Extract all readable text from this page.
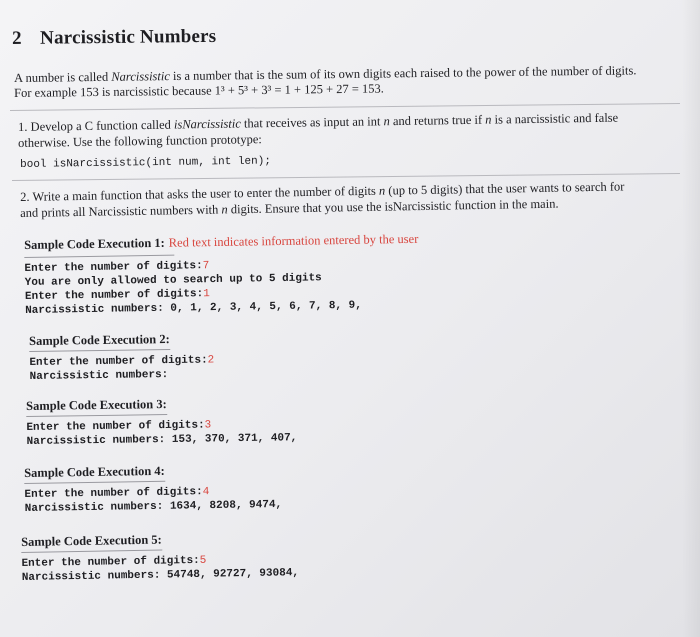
2 Narcissistic Numbers
A number is called Narcissistic is a number that is the sum of its own digits each raised to the power of the number of digits.
For example 153 is narcissistic because 1³ + 5³ + 3³ = 1 + 125 + 27 = 153.
1. Develop a C function called isNarcissistic that receives as input an int n and returns true if n is a narcissistic and false
otherwise. Use the following function prototype:
bool isNarcissistic(int num, int len);
2. Write a main function that asks the user to enter the number of digits n (up to 5 digits) that the user wants to search for
and prints all Narcissistic numbers with n digits. Ensure that you use the isNarcissistic function in the main.
Sample Code Execution 1: Red text indicates information entered by the user
Enter the number of digits:7
You are only allowed to search up to 5 digits
Enter the number of digits:1
Narcissistic numbers: 0, 1, 2, 3, 4, 5, 6, 7, 8, 9,
Sample Code Execution 2:
Enter the number of digits:2
Narcissistic numbers:
Sample Code Execution 3:
Enter the number of digits:3
Narcissistic numbers: 153, 370, 371, 407,
Sample Code Execution 4:
Enter the number of digits:4
Narcissistic numbers: 1634, 8208, 9474,
Sample Code Execution 5:
Enter the number of digits:5
Narcissistic numbers: 54748, 92727, 93084,
